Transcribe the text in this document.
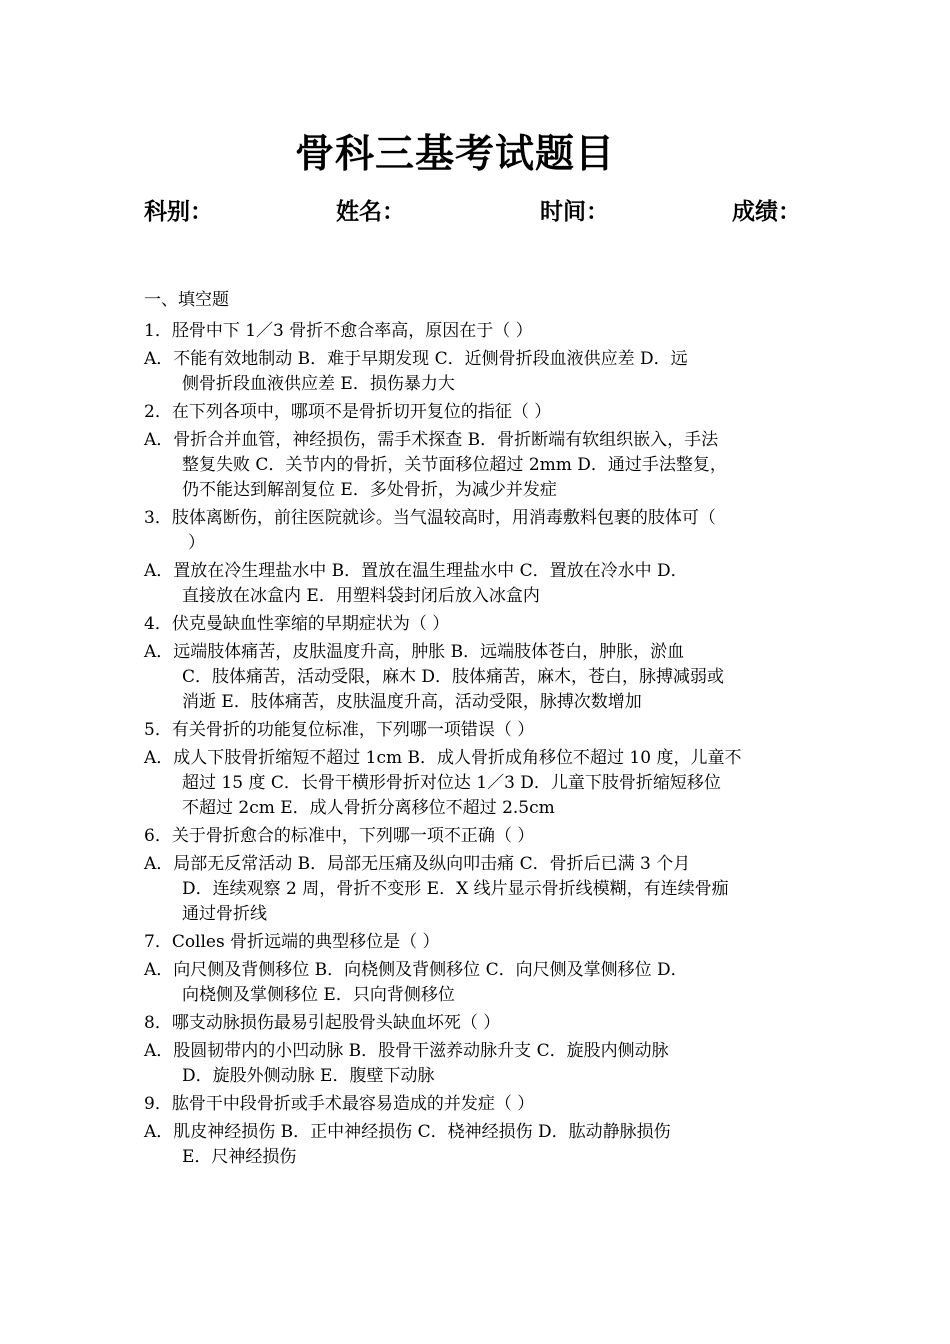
骨科三基考试题目
科别：	姓名：	时间：	成绩：
一、填空题
1．胫骨中下 1／3 骨折不愈合率高，原因在于（ ）
A．不能有效地制动 B．难于早期发现 C．近侧骨折段血液供应差 D．远
侧骨折段血液供应差 E．损伤暴力大
2．在下列各项中，哪项不是骨折切开复位的指征（ ）
A．骨折合并血管，神经损伤，需手术探查 B．骨折断端有软组织嵌入，手法
整复失败 C．关节内的骨折，关节面移位超过 2mm D．通过手法整复，
仍不能达到解剖复位 E．多处骨折，为减少并发症
3．肢体离断伤，前往医院就诊。当气温较高时，用消毒敷料包裹的肢体可（
）
A．置放在冷生理盐水中 B．置放在温生理盐水中 C．置放在冷水中 D．
直接放在冰盒内 E．用塑料袋封闭后放入冰盒内
4．伏克曼缺血性挛缩的早期症状为（ ）
A．远端肢体痛苦，皮肤温度升高，肿胀 B．远端肢体苍白，肿胀，淤血
C．肢体痛苦，活动受限，麻木 D．肢体痛苦，麻木，苍白，脉搏减弱或
消逝 E．肢体痛苦，皮肤温度升高，活动受限，脉搏次数增加
5．有关骨折的功能复位标准，下列哪一项错误（ ）
A．成人下肢骨折缩短不超过 1cm B．成人骨折成角移位不超过 10 度，儿童不
超过 15 度 C．长骨干横形骨折对位达 1／3 D．儿童下肢骨折缩短移位
不超过 2cm E．成人骨折分离移位不超过 2.5cm
6．关于骨折愈合的标准中，下列哪一项不正确（ ）
A．局部无反常活动 B．局部无压痛及纵向叩击痛 C．骨折后已满 3 个月
D．连续观察 2 周，骨折不变形 E．X 线片显示骨折线模糊，有连续骨痂
通过骨折线
7．Colles 骨折远端的典型移位是（ ）
A．向尺侧及背侧移位 B．向桡侧及背侧移位 C．向尺侧及掌侧移位 D．
向桡侧及掌侧移位 E．只向背侧移位
8．哪支动脉损伤最易引起股骨头缺血坏死（ ）
A．股圆韧带内的小凹动脉 B．股骨干滋养动脉升支 C．旋股内侧动脉
D．旋股外侧动脉 E．腹壁下动脉
9．肱骨干中段骨折或手术最容易造成的并发症（ ）
A．肌皮神经损伤 B．正中神经损伤 C．桡神经损伤 D．肱动静脉损伤
E．尺神经损伤
